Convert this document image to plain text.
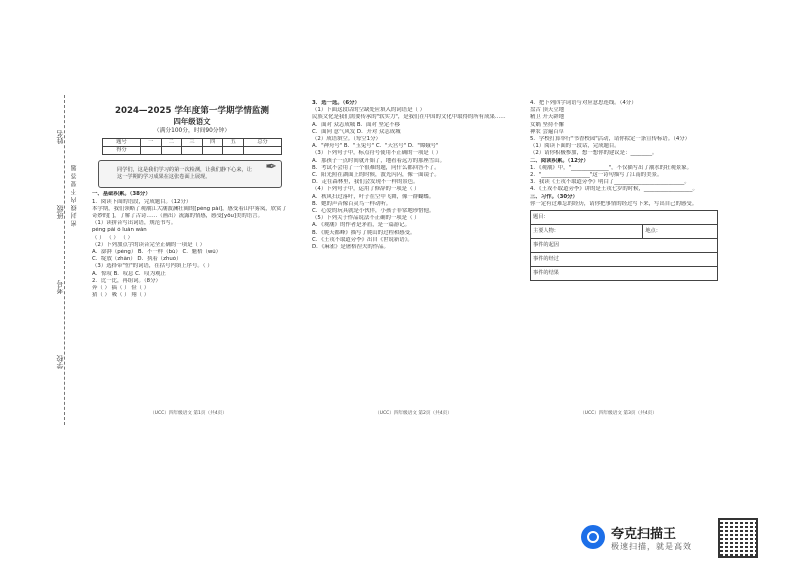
姓名
班级
考号
学校
密 封 线 内 不 要 答 题
2024—2025 学年度第一学期学情监测
四年级语文
（满分100分，时间90分钟）
题号	一	二	三	四	五	总分
得分						
同学们，这是我们学习的第一次检测，让我们静下心来，让这一学期的学习成果在这张卷面上展现。
✒
一、基础积累。（38分）
1．阅读下面的语段，完成题目。（12分）
本学期，我们领略了观潮江大潮波澜壮阔的[péng pài]，感受着山中雾岚，欣赏了
奇妙的[ ]，了解了古诗……（画出）流露的情感，感受[yōu]美的语言。
（1）读拼音写出词语，规范书写。
péng pài ó luán wán
（ ） （ ） （ ）
（2）下列加点字的读音完全正确的一项是（ ）
A．澎湃（péng） B．不一样（bù） C．魁梧（wú）
C．绽放（zhàn） D．执着（zhuó）
（3）选择带"恒"的词语，在括号内填上序号。（ ）
A．惊叹 B．叹息 C．叹为观止
2．比一比，再组词。（8分）
奔（ ） 搞（ ） 俭（ ）
猜（ ） 吸（ ） 翔（ ）
3．选一选。（6分）
（1）下面这段话的空缺处应填入的词语是（ ）
民族文化是我们需要传承的"软实力"，是我们在中国的文化中取得的所有成果……
A．面对 众志成城 B．面对 坚定不移
C．面向 意气风发 D．开对 众志成城
（2）成语填空。（每空1分）
A．"神舟号" B．"玉兔号" C．"天宫号" D．"嫦娥号"
（3）下列句子中，标点符号使用不正确的一项是（ ）
A．那孩子一点时间就开始了，地看着远方的那座雪山。
B．考试不会用了一个很难的题，问什么都回答不了。
C．阳光照在湖面上的时候，波光闪闪，像一面镜子。
D．走在森林里，我们会发现不一样的景色。
（4）下列句子中，运用了修辞的一项是（ ）
A．秋风扫过落叶，叶子在空中飞舞，像一群蝴蝶。
B．她的声音像百灵鸟一样动听。
C．心爱的玩具就是小伙伴，小孩子非常地珍惜他。
（5）下列关于作品说法不正确的一项是（ ）
A．《观潮》的作者是茅盾，是一篇游记。
B．《爬天都峰》描写了爬山的过程和感受。
C．《王戎不取道旁李》出自《世说新语》。
D．《麻雀》是屠格涅夫的作品。
4．把下列四字词语与对应意思连线。（4分）
盘古 顶天立地
精卫 开天辟地
女娲 坚持不懈
神农 尝遍百草
5．学校打算举行"书香校园"活动，请你拟定一条宣传标语。（4分）
（1）阅读下面的一段话，完成题目。
（2）请你积极参加，想一想你的建议是：________。
二、阅读积累。（12分）
1．《观潮》中，"______________"，不仅描写出了潮水的壮观景象。
2．"__________________"这一诗句描写了江南的美景。
3．我读《王戎不取道旁李》明白了__________________________。
4．《王戎不取道旁李》讲的是王戎七岁的时候，__________________。
三、习作。（30分）
你一定有过难忘的经历，请你把事情的经过写下来，写出自己的感受。
题目：
主要人物：	地点：
事件的起因
事件的经过
事件的结果
（UCC）四年级语文 第1页（共4页）	（UCC）四年级语文 第2页（共4页）	（UCC）四年级语文 第3页（共4页）
夸克扫描王
极速扫描，就是高效
